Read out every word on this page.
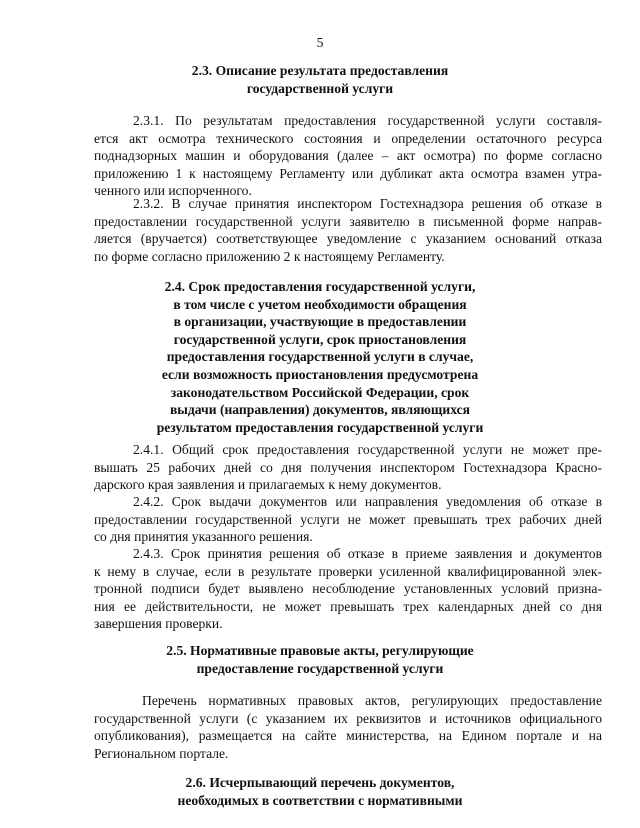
5
2.3. Описание результата предоставления
государственной услуги
2.3.1. По результатам предоставления государственной услуги составля-
ется акт осмотра технического состояния и определении остаточного ресурса
поднадзорных машин и оборудования (далее – акт осмотра) по форме согласно
приложению 1 к настоящему Регламенту или дубликат акта осмотра взамен утра-
ченного или испорченного.
2.3.2. В случае принятия инспектором Гостехнадзора решения об отказе в
предоставлении государственной услуги заявителю в письменной форме направ-
ляется (вручается) соответствующее уведомление с указанием оснований отказа
по форме согласно приложению 2 к настоящему Регламенту.
2.4. Срок предоставления государственной услуги,
в том числе с учетом необходимости обращения
в организации, участвующие в предоставлении
государственной услуги, срок приостановления
предоставления государственной услуги в случае,
если возможность приостановления предусмотрена
законодательством Российской Федерации, срок
выдачи (направления) документов, являющихся
результатом предоставления государственной услуги
2.4.1. Общий срок предоставления государственной услуги не может пре-
вышать 25 рабочих дней со дня получения инспектором Гостехнадзора Красно-
дарского края заявления и прилагаемых к нему документов.
2.4.2. Срок выдачи документов или направления уведомления об отказе в
предоставлении государственной услуги не может превышать трех рабочих дней
со дня принятия указанного решения.
2.4.3. Срок принятия решения об отказе в приеме заявления и документов
к нему в случае, если в результате проверки усиленной квалифицированной элек-
тронной подписи будет выявлено несоблюдение установленных условий призна-
ния ее действительности, не может превышать трех календарных дней со дня
завершения проверки.
2.5. Нормативные правовые акты, регулирующие
предоставление государственной услуги
Перечень нормативных правовых актов, регулирующих предоставление
государственной услуги (с указанием их реквизитов и источников официального
опубликования), размещается на сайте министерства, на Едином портале и на
Региональном портале.
2.6. Исчерпывающий перечень документов,
необходимых в соответствии с нормативными
